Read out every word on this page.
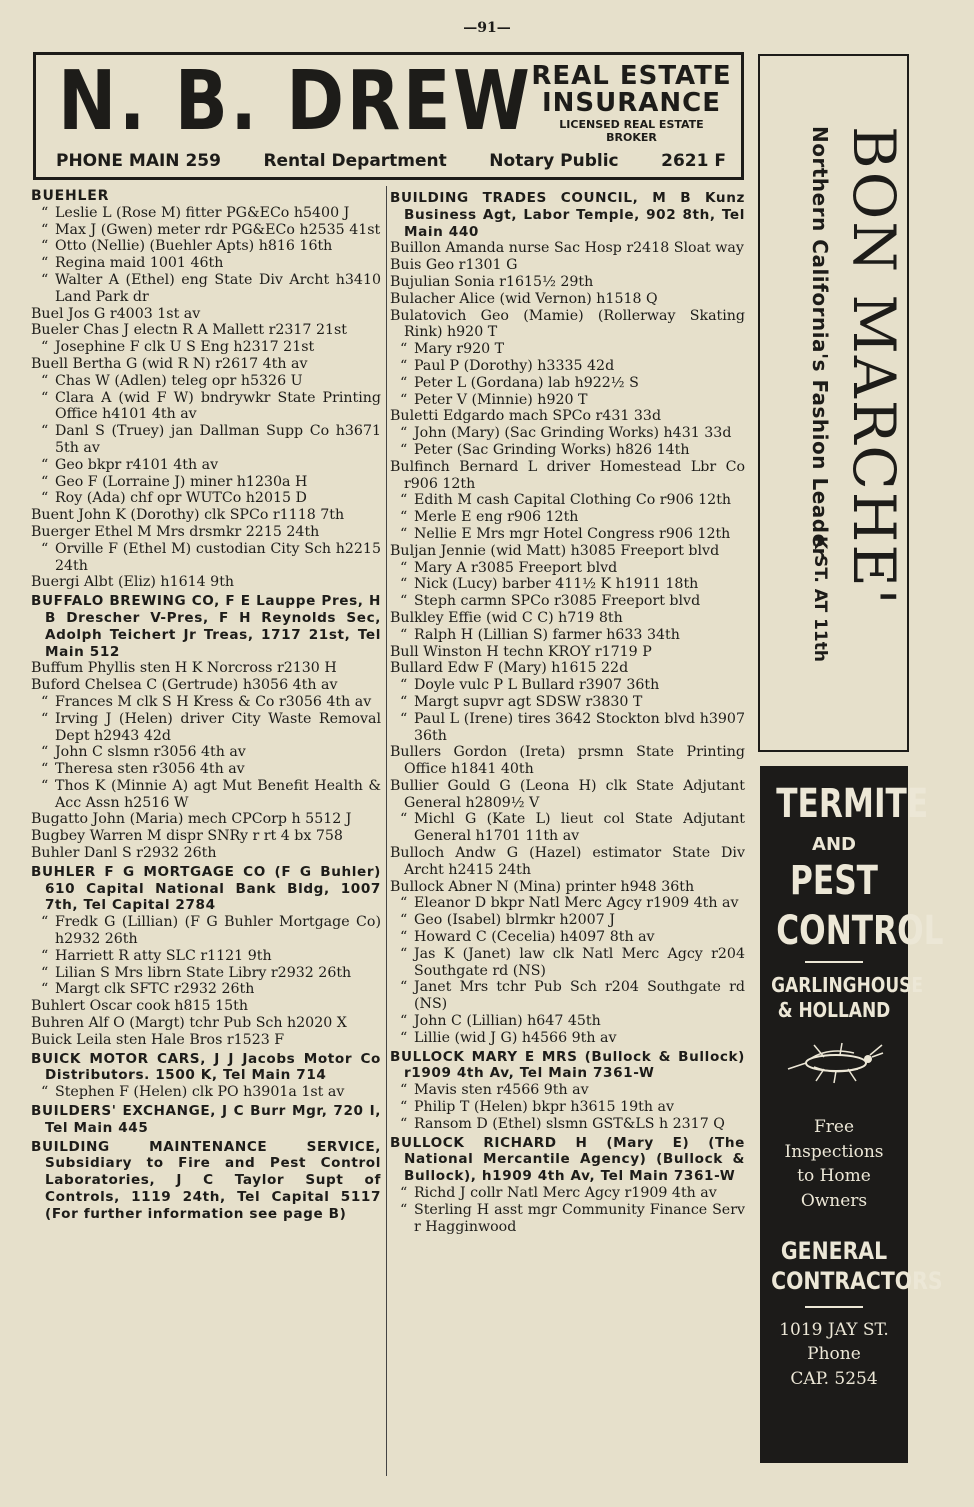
—91—
N. B. DREW
REAL ESTATE
INSURANCE
LICENSED REAL ESTATE
BROKER
PHONE MAIN 259	Rental Department	Notary Public	2621 F

BUEHLER

“ Leslie L (Rose M) fitter PG&ECo h5400 J

“ Max J (Gwen) meter rdr PG&ECo h2535 41st

“ Otto (Nellie) (Buehler Apts) h816 16th

“ Regina maid 1001 46th

“ Walter A (Ethel) eng State Div Archt h3410 Land Park dr

Buel Jos G r4003 1st av

Bueler Chas J electn R A Mallett r2317 21st

“ Josephine F clk U S Eng h2317 21st

Buell Bertha G (wid R N) r2617 4th av

“ Chas W (Adlen) teleg opr h5326 U

“ Clara A (wid F W) bndrywkr State Printing Office h4101 4th av

“ Danl S (Truey) jan Dallman Supp Co h3671 5th av

“ Geo bkpr r4101 4th av

“ Geo F (Lorraine J) miner h1230a H

“ Roy (Ada) chf opr WUTCo h2015 D

Buent John K (Dorothy) clk SPCo r1118 7th

Buerger Ethel M Mrs drsmkr 2215 24th

“ Orville F (Ethel M) custodian City Sch h2215 24th

Buergi Albt (Eliz) h1614 9th

BUFFALO BREWING CO, F E Lauppe Pres, H B Drescher V-Pres, F H Reynolds Sec, Adolph Teichert Jr Treas, 1717 21st, Tel Main 512

Buffum Phyllis sten H K Norcross r2130 H

Buford Chelsea C (Gertrude) h3056 4th av

“ Frances M clk S H Kress & Co r3056 4th av

“ Irving J (Helen) driver City Waste Removal Dept h2943 42d

“ John C slsmn r3056 4th av

“ Theresa sten r3056 4th av

“ Thos K (Minnie A) agt Mut Benefit Health & Acc Assn h2516 W

Bugatto John (Maria) mech CPCorp h 5512 J

Bugbey Warren M dispr SNRy r rt 4 bx 758

Buhler Danl S r2932 26th

BUHLER F G MORTGAGE CO (F G Buhler) 610 Capital National Bank Bldg, 1007 7th, Tel Capital 2784

“ Fredk G (Lillian) (F G Buhler Mortgage Co) h2932 26th

“ Harriett R atty SLC r1121 9th

“ Lilian S Mrs librn State Libry r2932 26th

“ Margt clk SFTC r2932 26th

Buhlert Oscar cook h815 15th

Buhren Alf O (Margt) tchr Pub Sch h2020 X

Buick Leila sten Hale Bros r1523 F

BUICK MOTOR CARS, J J Jacobs Motor Co Distributors. 1500 K, Tel Main 714

“ Stephen F (Helen) clk PO h3901a 1st av

BUILDERS' EXCHANGE, J C Burr Mgr, 720 I, Tel Main 445

BUILDING MAINTENANCE SERVICE, Subsidiary to Fire and Pest Control Laboratories, J C Taylor Supt of Controls, 1119 24th, Tel Capital 5117 (For further information see page B)

BUILDING TRADES COUNCIL, M B Kunz Business Agt, Labor Temple, 902 8th, Tel Main 440

Buillon Amanda nurse Sac Hosp r2418 Sloat way

Buis Geo r1301 G

Bujulian Sonia r1615½ 29th

Bulacher Alice (wid Vernon) h1518 Q

Bulatovich Geo (Mamie) (Rollerway Skating Rink) h920 T

“ Mary r920 T

“ Paul P (Dorothy) h3335 42d

“ Peter L (Gordana) lab h922½ S

“ Peter V (Minnie) h920 T

Buletti Edgardo mach SPCo r431 33d

“ John (Mary) (Sac Grinding Works) h431 33d

“ Peter (Sac Grinding Works) h826 14th

Bulfinch Bernard L driver Homestead Lbr Co r906 12th

“ Edith M cash Capital Clothing Co r906 12th

“ Merle E eng r906 12th

“ Nellie E Mrs mgr Hotel Congress r906 12th

Buljan Jennie (wid Matt) h3085 Freeport blvd

“ Mary A r3085 Freeport blvd

“ Nick (Lucy) barber 411½ K h1911 18th

“ Steph carmn SPCo r3085 Freeport blvd

Bulkley Effie (wid C C) h719 8th

“ Ralph H (Lillian S) farmer h633 34th

Bull Winston H techn KROY r1719 P

Bullard Edw F (Mary) h1615 22d

“ Doyle vulc P L Bullard r3907 36th

“ Margt supvr agt SDSW r3830 T

“ Paul L (Irene) tires 3642 Stockton blvd h3907 36th

Bullers Gordon (Ireta) prsmn State Printing Office h1841 40th

Bullier Gould G (Leona H) clk State Adjutant General h2809½ V

“ Michl G (Kate L) lieut col State Adjutant General h1701 11th av

Bulloch Andw G (Hazel) estimator State Div Archt h2415 24th

Bullock Abner N (Mina) printer h948 36th

“ Eleanor D bkpr Natl Merc Agcy r1909 4th av

“ Geo (Isabel) blrmkr h2007 J

“ Howard C (Cecelia) h4097 8th av

“ Jas K (Janet) law clk Natl Merc Agcy r204 Southgate rd (NS)

“ Janet Mrs tchr Pub Sch r204 Southgate rd (NS)

“ John C (Lillian) h647 45th

“ Lillie (wid J G) h4566 9th av

BULLOCK MARY E MRS (Bullock & Bullock) r1909 4th Av, Tel Main 7361-W

“ Mavis sten r4566 9th av

“ Philip T (Helen) bkpr h3615 19th av

“ Ransom D (Ethel) slsmn GST&LS h 2317 Q

BULLOCK RICHARD H (Mary E) (The National Mercantile Agency) (Bullock & Bullock), h1909 4th Av, Tel Main 7361-W

“ Richd J collr Natl Merc Agcy r1909 4th av

“ Sterling H asst mgr Community Finance Serv r Hagginwood

BON MARCHE'
Northern California's Fashion Leader
K ST. AT 11th
TERMITE
AND
PEST
CONTROL
GARLINGHOUSE
& HOLLAND
Free
Inspections
to Home
Owners
GENERAL
CONTRACTORS
1019 JAY ST.
Phone
CAP. 5254
